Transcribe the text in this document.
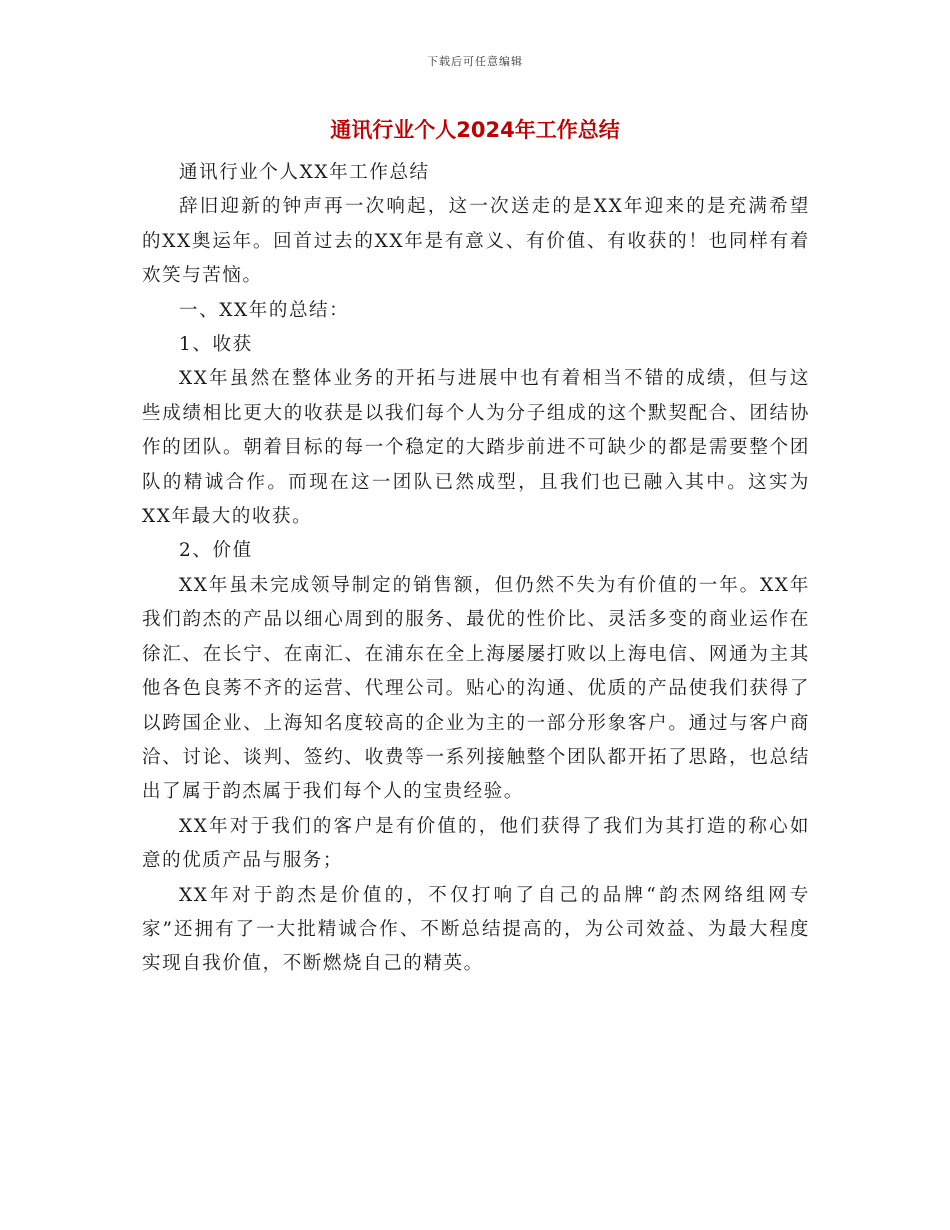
下载后可任意编辑
通讯行业个人2024年工作总结

通讯行业个人XX年工作总结

辞旧迎新的钟声再一次响起，这一次送走的是XX年迎来的是充满希望的XX奥运年。回首过去的XX年是有意义、有价值、有收获的！也同样有着欢笑与苦恼。

一、XX年的总结：

1、收获

XX年虽然在整体业务的开拓与进展中也有着相当不错的成绩，但与这些成绩相比更大的收获是以我们每个人为分子组成的这个默契配合、团结协作的团队。朝着目标的每一个稳定的大踏步前进不可缺少的都是需要整个团队的精诚合作。而现在这一团队已然成型，且我们也已融入其中。这实为XX年最大的收获。

2、价值

XX年虽未完成领导制定的销售额，但仍然不失为有价值的一年。XX年我们韵杰的产品以细心周到的服务、最优的性价比、灵活多变的商业运作在徐汇、在长宁、在南汇、在浦东在全上海屡屡打败以上海电信、网通为主其他各色良莠不齐的运营、代理公司。贴心的沟通、优质的产品使我们获得了以跨国企业、上海知名度较高的企业为主的一部分形象客户。通过与客户商洽、讨论、谈判、签约、收费等一系列接触整个团队都开拓了思路，也总结出了属于韵杰属于我们每个人的宝贵经验。

XX年对于我们的客户是有价值的，他们获得了我们为其打造的称心如意的优质产品与服务；

XX年对于韵杰是价值的，不仅打响了自己的品牌“韵杰网络组网专家”还拥有了一大批精诚合作、不断总结提高的，为公司效益、为最大程度实现自我价值，不断燃烧自己的精英。
